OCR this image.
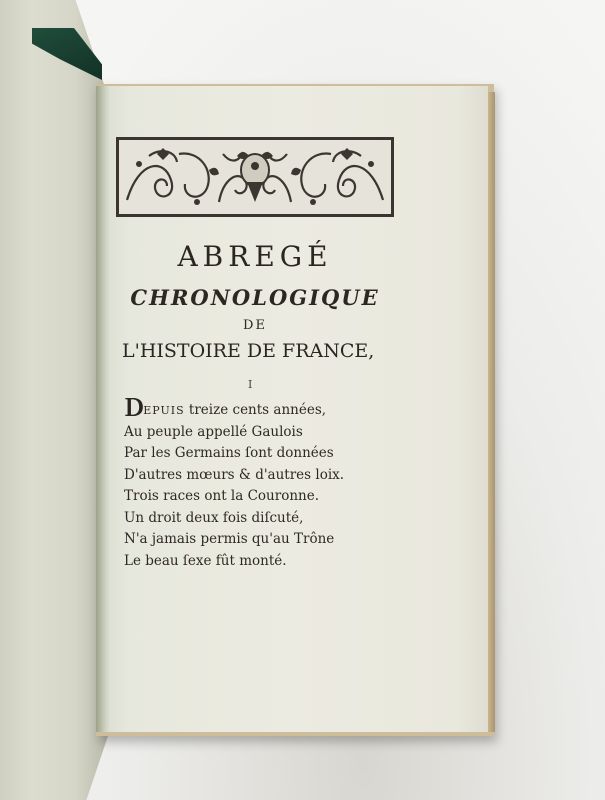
ABREGÉ
CHRONOLOGIQUE
DE
L'HISTOIRE DE FRANCE,
I
DEPUIS treize cents années,
Au peuple appellé Gaulois
Par les Germains ſont données
D'autres mœurs & d'autres loix.
Trois races ont la Couronne.
Un droit deux fois diſcuté,
N'a jamais permis qu'au Trône
Le beau ſexe fût monté.
